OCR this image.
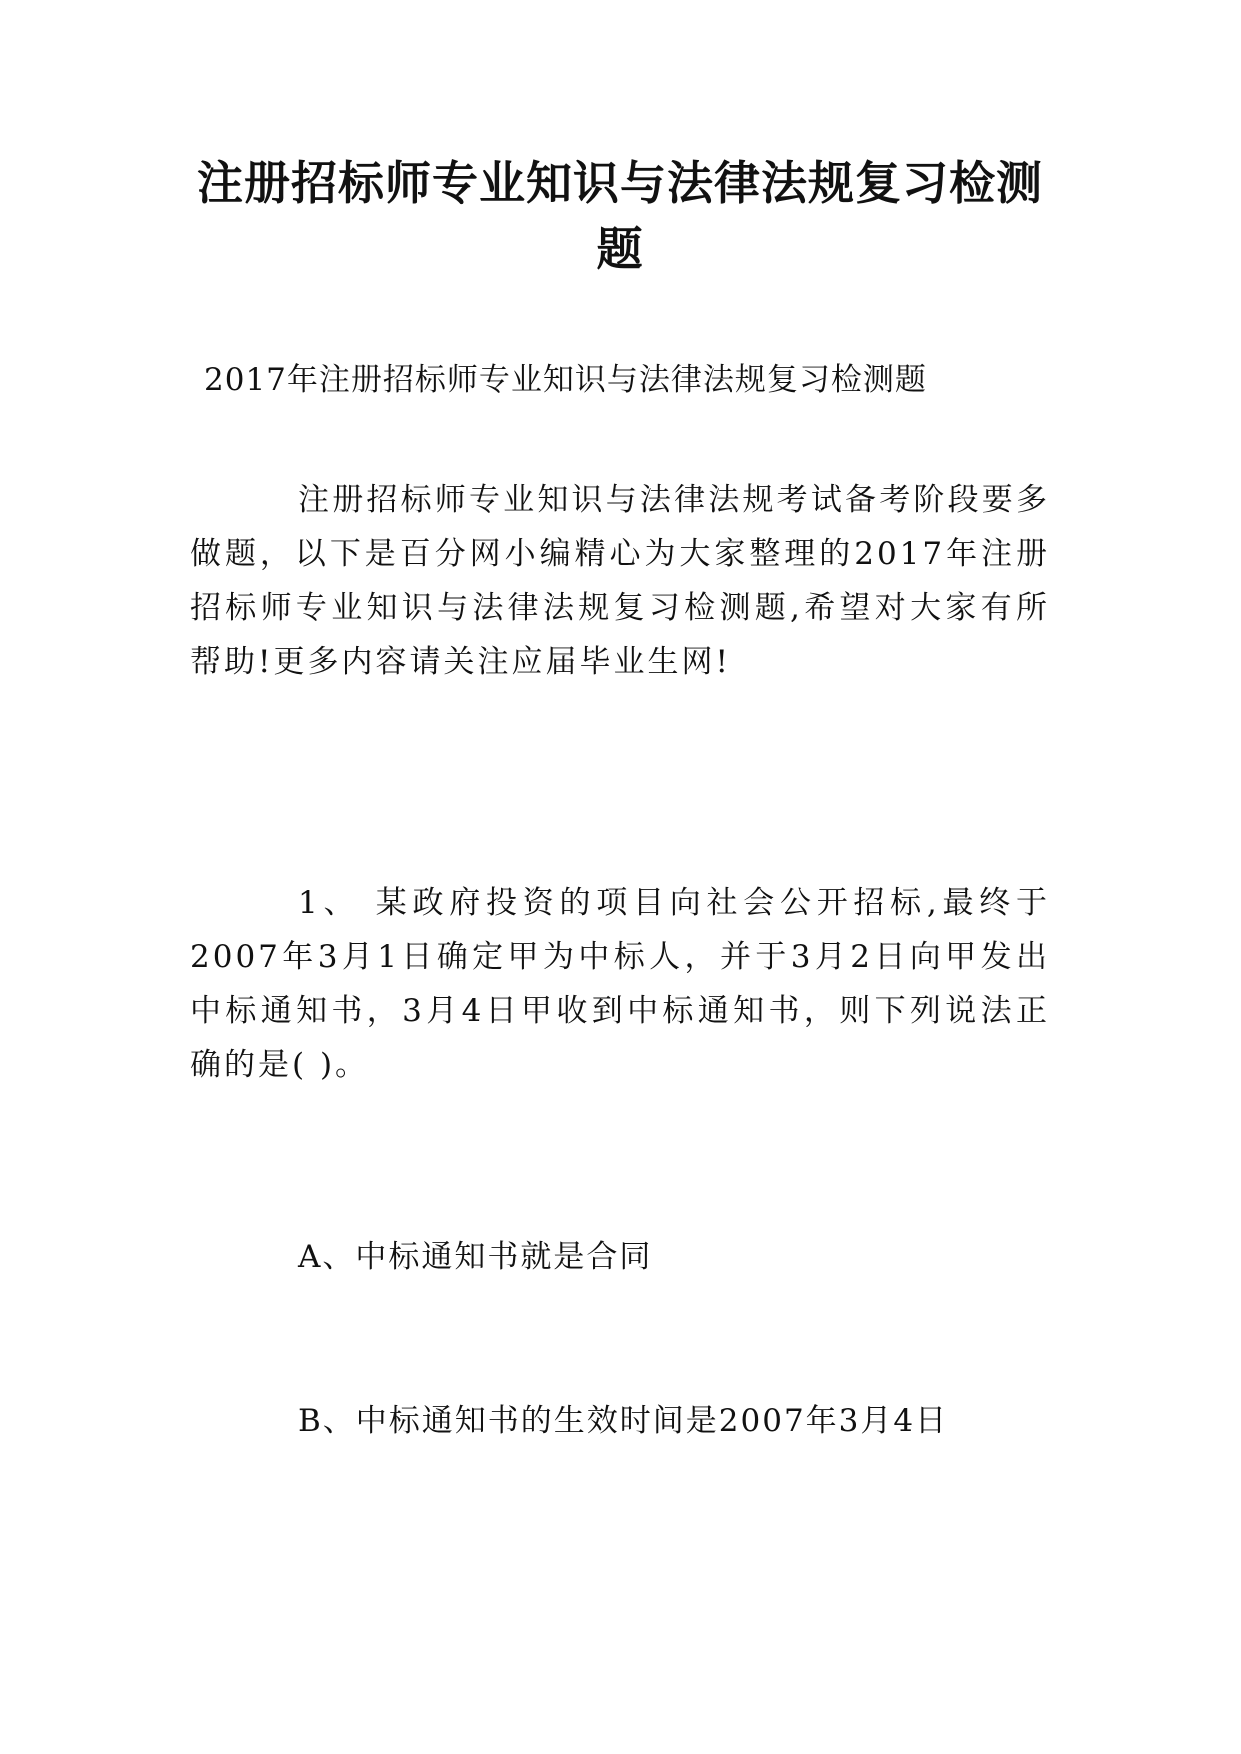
注册招标师专业知识与法律法规复习检测题

2017年注册招标师专业知识与法律法规复习检测题

注册招标师专业知识与法律法规考试备考阶段要多做题，以下是百分网小编精心为大家整理的2017年注册招标师专业知识与法律法规复习检测题,希望对大家有所帮助!更多内容请关注应届毕业生网!

1、 某政府投资的项目向社会公开招标,最终于2007年3月1日确定甲为中标人，并于3月2日向甲发出中标通知书，3月4日甲收到中标通知书，则下列说法正确的是( )。

A、中标通知书就是合同

B、中标通知书的生效时间是2007年3月4日
